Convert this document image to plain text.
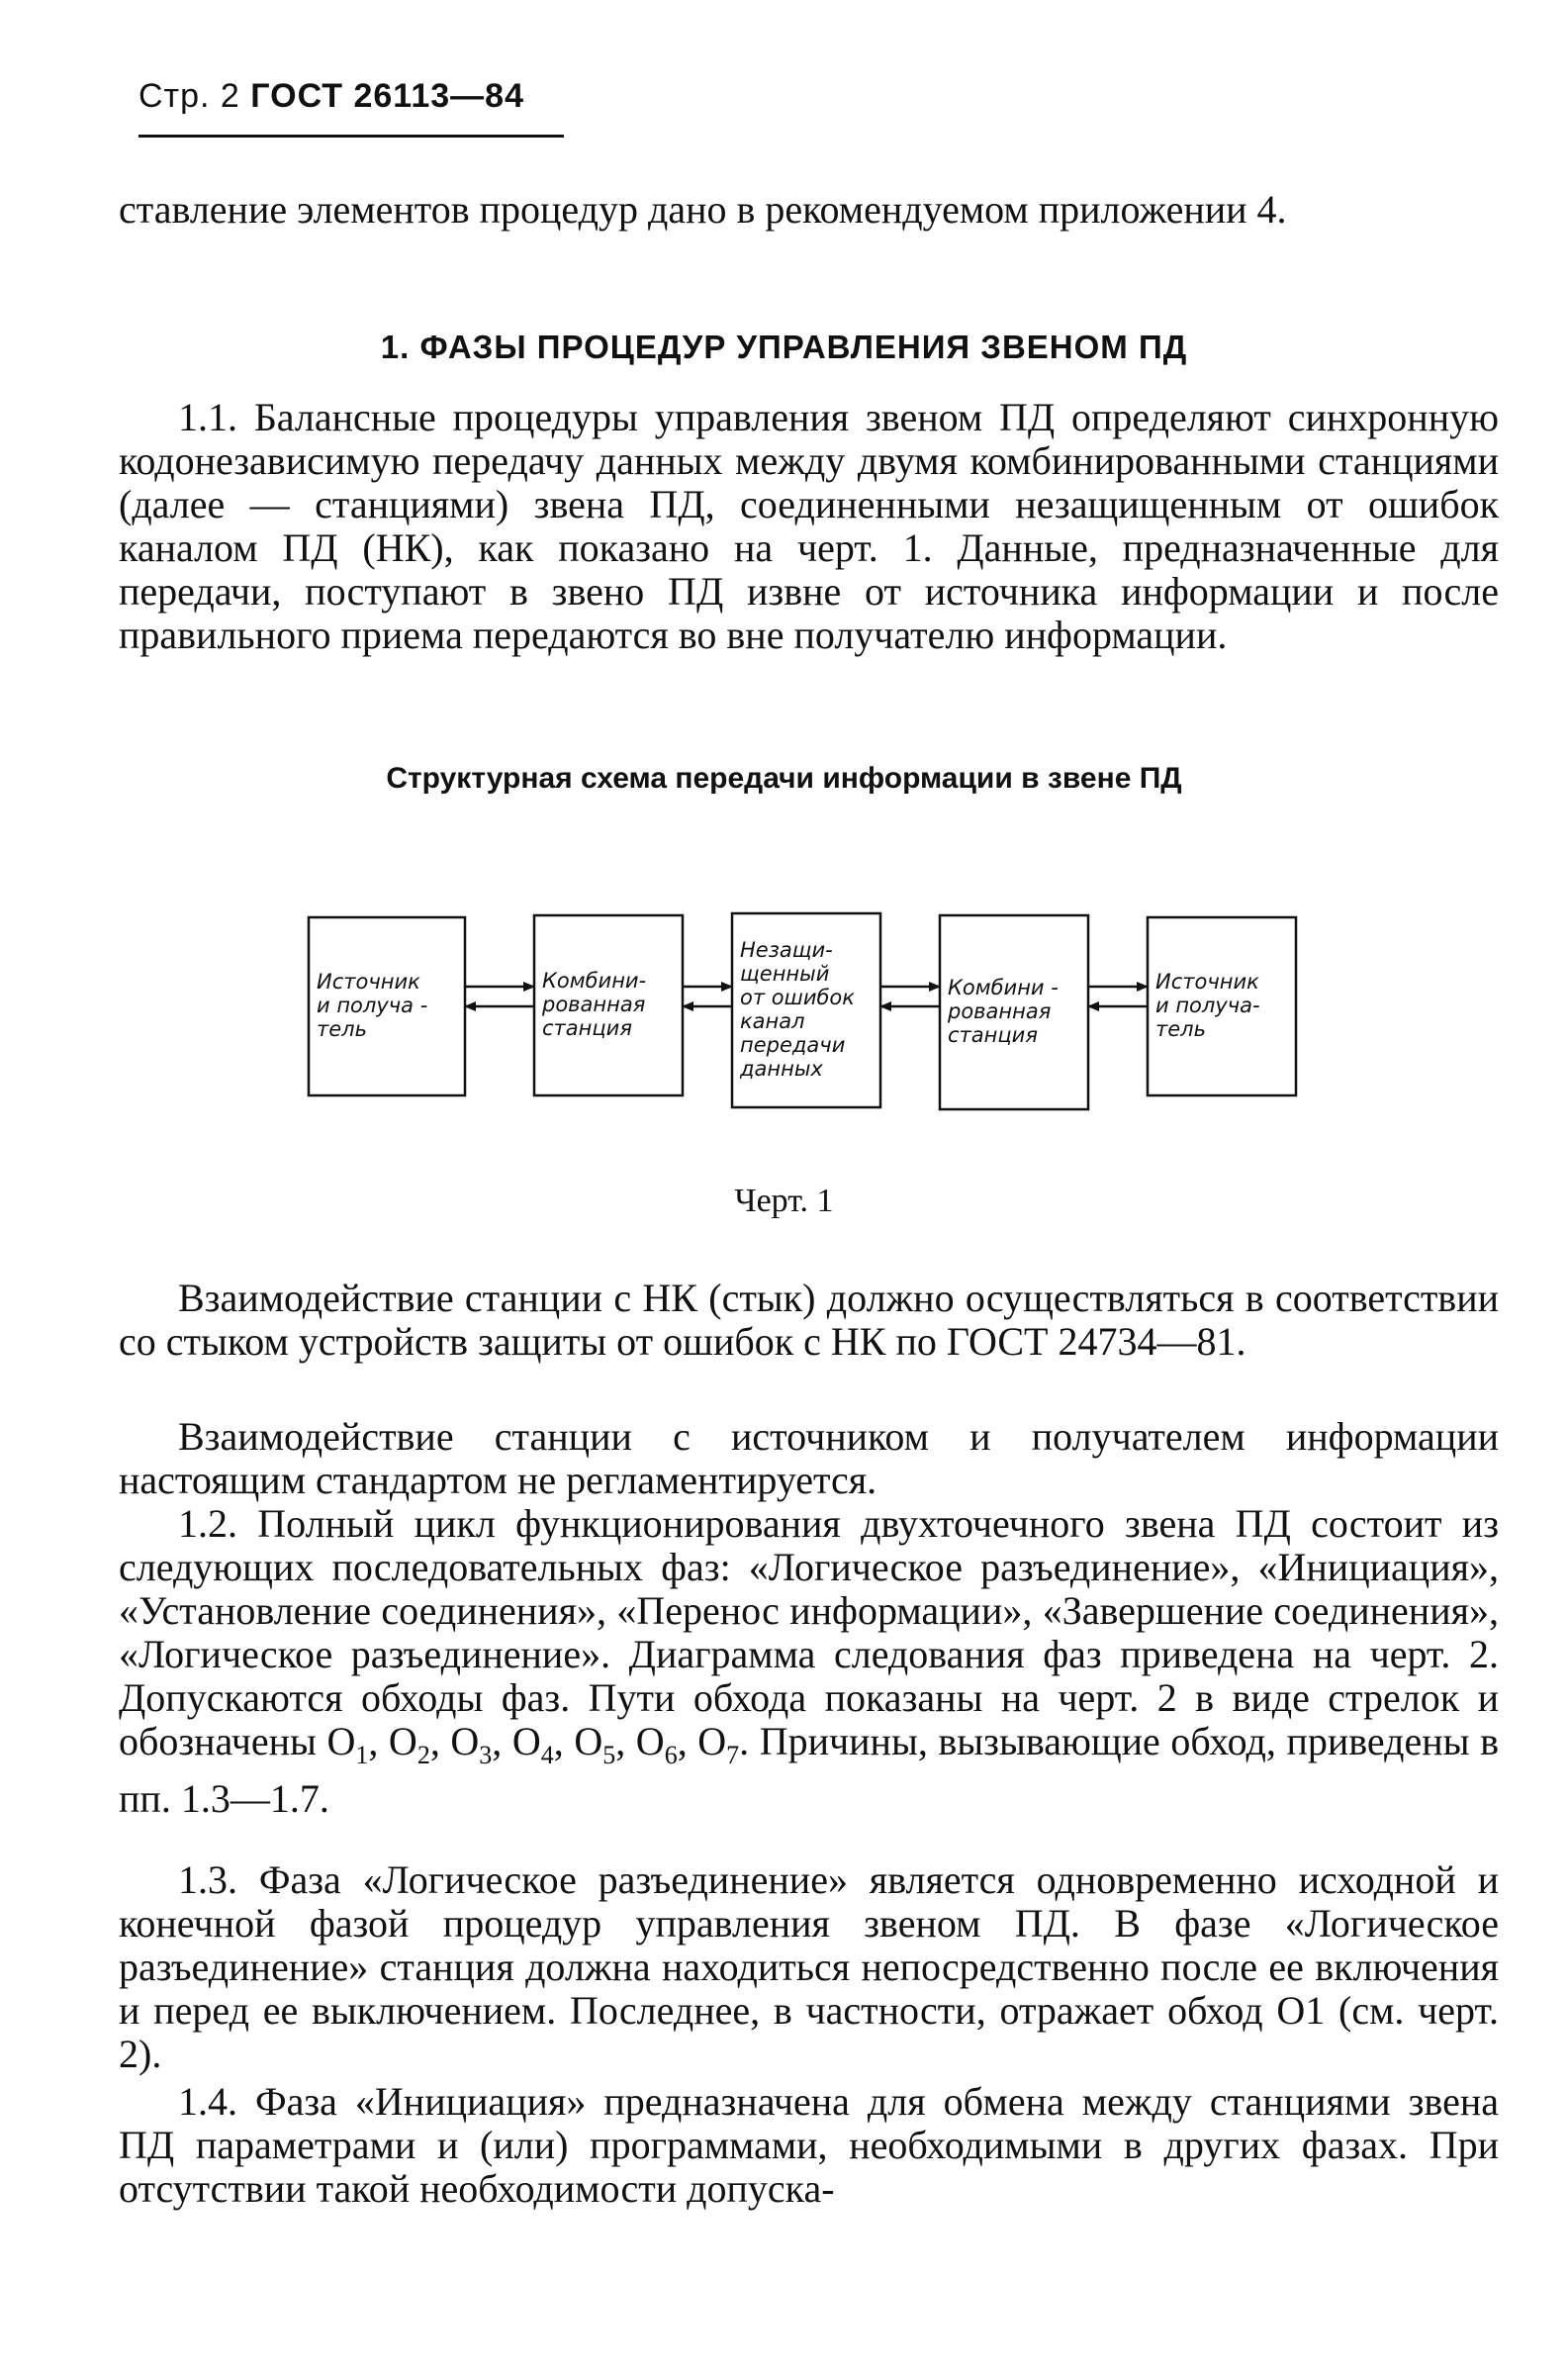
Стр. 2 ГОСТ 26113—84

ставление элементов процедур дано в рекомендуемом приложении 4.

1. ФАЗЫ ПРОЦЕДУР УПРАВЛЕНИЯ ЗВЕНОМ ПД

1.1. Балансные процедуры управления звеном ПД определяют синхронную кодонезависимую передачу данных между двумя комбинированными станциями (далее — станциями) звена ПД, соединенными незащищенным от ошибок каналом ПД (НК), как показано на черт. 1. Данные, предназначенные для передачи, поступают в звено ПД извне от источника информации и после правильного приема передаются во вне получателю информации.

Структурная схема передачи информации в звене ПД
Источник
и получа -
тель
Комбини-
рованная
станция
Незащи-
щенный
от ошибок
канал
передачи
данных
Комбини -
рованная
станция
Источник
и получа-
тель
Черт. 1

Взаимодействие станции с НК (стык) должно осуществляться в соответствии со стыком устройств защиты от ошибок с НК по ГОСТ 24734—81.

Взаимодействие станции с источником и получателем информации настоящим стандартом не регламентируется.

1.2. Полный цикл функционирования двухточечного звена ПД состоит из следующих последовательных фаз: «Логическое разъединение», «Инициация», «Установление соединения», «Перенос информации», «Завершение соединения», «Логическое разъединение». Диаграмма следования фаз приведена на черт. 2. Допускаются обходы фаз. Пути обхода показаны на черт. 2 в виде стрелок и обозначены $O_1$, $O_2$, $O_3$, $O_4$, $O_5$, $O_6$, $O_7$. Причины, вызывающие обход, приведены в пп. 1.3—1.7.

1.3. Фаза «Логическое разъединение» является одновременно исходной и конечной фазой процедур управления звеном ПД. В фазе «Логическое разъединение» станция должна находиться непосредственно после ее включения и перед ее выключением. Последнее, в частности, отражает обход O1 (см. черт. 2).

1.4. Фаза «Инициация» предназначена для обмена между станциями звена ПД параметрами и (или) программами, необходимыми в других фазах. При отсутствии такой необходимости допуска-
